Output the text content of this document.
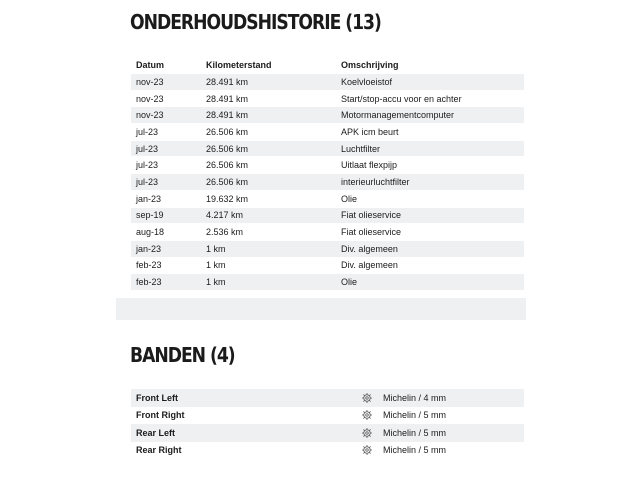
ONDERHOUDSHISTORIE (13)
Datum	Kilometerstand	Omschrijving
nov-23	28.491 km	Koelvloeistof
nov-23	28.491 km	Start/stop-accu voor en achter
nov-23	28.491 km	Motormanagementcomputer
jul-23	26.506 km	APK icm beurt
jul-23	26.506 km	Luchtfilter
jul-23	26.506 km	Uitlaat flexpijp
jul-23	26.506 km	interieurluchtfilter
jan-23	19.632 km	Olie
sep-19	4.217 km	Fiat olieservice
aug-18	2.536 km	Fiat olieservice
jan-23	1 km	Div. algemeen
feb-23	1 km	Div. algemeen
feb-23	1 km	Olie
BANDEN (4)
Front Left	Michelin / 4 mm
Front Right	Michelin / 5 mm
Rear Left	Michelin / 5 mm
Rear Right	Michelin / 5 mm
